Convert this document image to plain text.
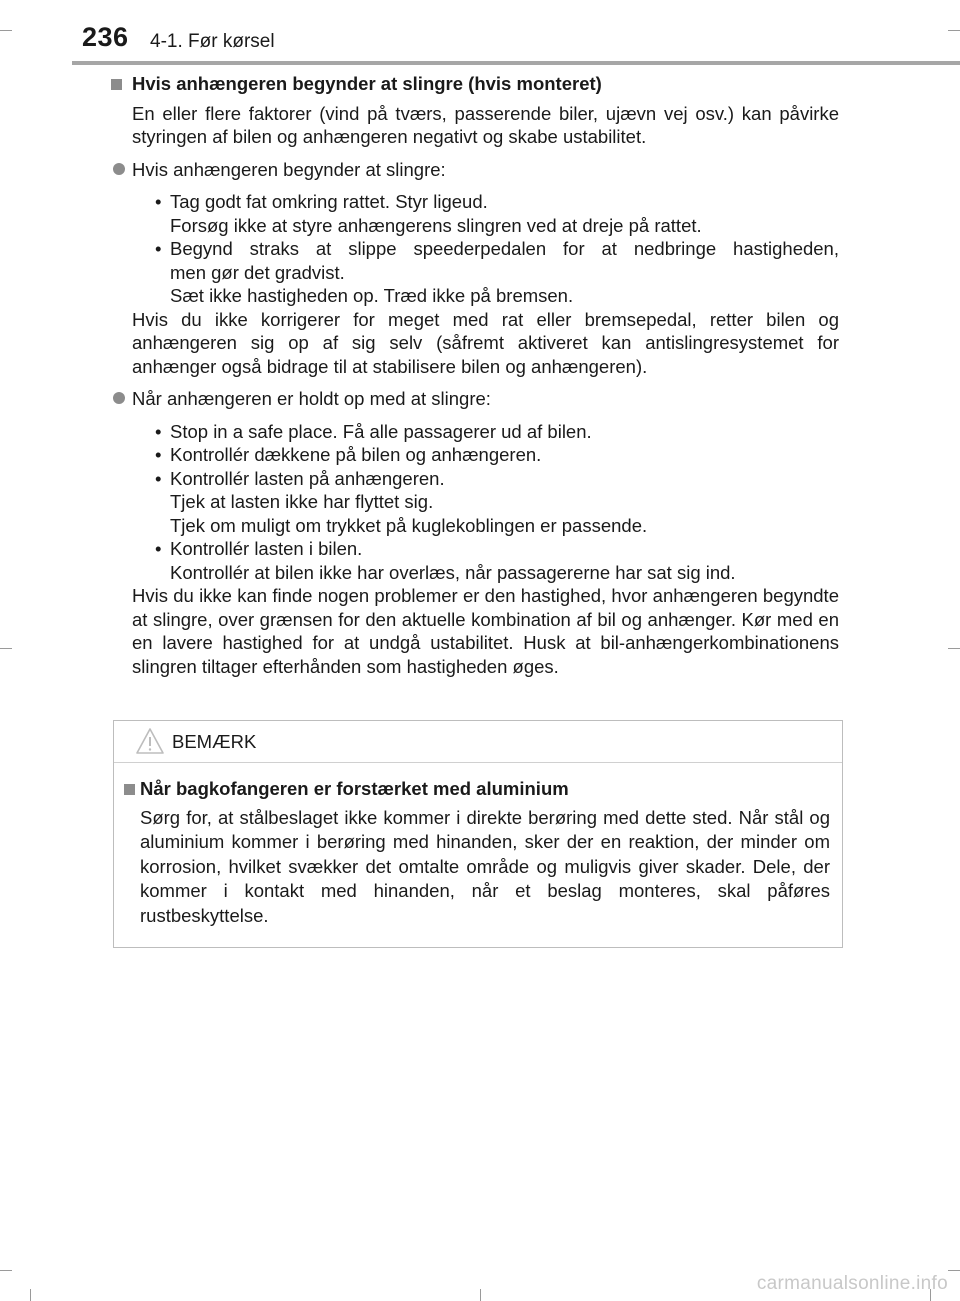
236 4-1. Før kørsel

Hvis anhængeren begynder at slingre (hvis monteret)

En eller flere faktorer (vind på tværs, passerende biler, ujævn vej osv.) kan påvirke styringen af bilen og anhængeren negativt og skabe ustabilitet.

Hvis anhængeren begynder at slingre:

• Tag godt fat omkring rattet. Styr ligeud.
Forsøg ikke at styre anhængerens slingren ved at dreje på rattet.
• Begynd straks at slippe speederpedalen for at nedbringe hastigheden,
men gør det gradvist.
Sæt ikke hastigheden op. Træd ikke på bremsen.

Hvis du ikke korrigerer for meget med rat eller bremsepedal, retter bilen og anhængeren sig op af sig selv (såfremt aktiveret kan antislingresystemet for anhænger også bidrage til at stabilisere bilen og anhængeren).

Når anhængeren er holdt op med at slingre:

• Stop in a safe place. Få alle passagerer ud af bilen.
• Kontrollér dækkene på bilen og anhængeren.
• Kontrollér lasten på anhængeren.
Tjek at lasten ikke har flyttet sig.
Tjek om muligt om trykket på kuglekoblingen er passende.
• Kontrollér lasten i bilen.
Kontrollér at bilen ikke har overlæs, når passagererne har sat sig ind.

Hvis du ikke kan finde nogen problemer er den hastighed, hvor anhængeren begyndte at slingre, over grænsen for den aktuelle kombination af bil og anhænger. Kør med en en lavere hastighed for at undgå ustabilitet. Husk at bil-anhængerkombinationens slingren tiltager efterhånden som hastigheden øges.

BEMÆRK

Når bagkofangeren er forstærket med aluminium

Sørg for, at stålbeslaget ikke kommer i direkte berøring med dette sted. Når stål og aluminium kommer i berøring med hinanden, sker der en reaktion, der minder om korrosion, hvilket svækker det omtalte område og muligvis giver skader. Dele, der kommer i kontakt med hinanden, når et beslag monteres, skal påføres rustbeskyttelse.

carmanualsonline.info
